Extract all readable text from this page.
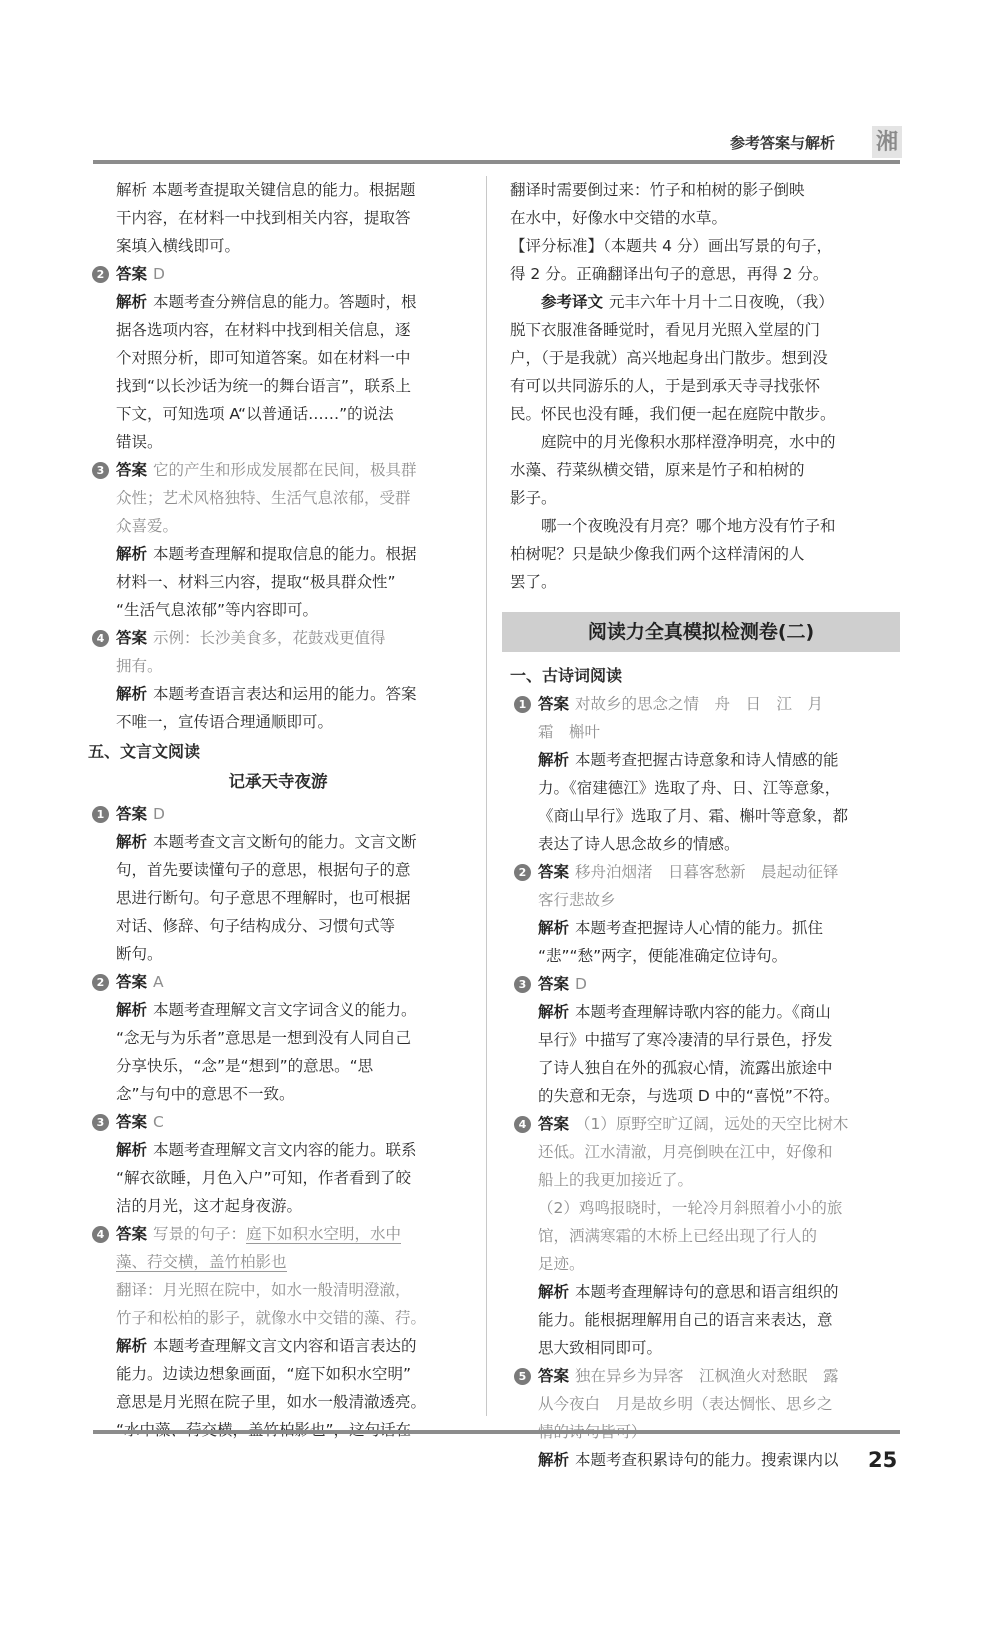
参考答案与解析 湘
解析 本题考查提取关键信息的能力。根据题
干内容，在材料一中找到相关内容，提取答
案填入横线即可。
2 答案 D
解析 本题考查分辨信息的能力。答题时，根
据各选项内容，在材料中找到相关信息，逐
个对照分析，即可知道答案。如在材料一中
找到“以长沙话为统一的舞台语言”，联系上
下文，可知选项 A“以普通话……”的说法
错误。
3 答案 它的产生和形成发展都在民间，极具群
众性；艺术风格独特、生活气息浓郁，受群
众喜爱。
解析 本题考查理解和提取信息的能力。根据
材料一、材料三内容，提取“极具群众性”
“生活气息浓郁”等内容即可。
4 答案 示例：长沙美食多，花鼓戏更值得
拥有。
解析 本题考查语言表达和运用的能力。答案
不唯一，宣传语合理通顺即可。
五、文言文阅读
记承天寺夜游
1 答案 D
解析 本题考查文言文断句的能力。文言文断
句，首先要读懂句子的意思，根据句子的意
思进行断句。句子意思不理解时，也可根据
对话、修辞、句子结构成分、习惯句式等
断句。
2 答案 A
解析 本题考查理解文言文字词含义的能力。
“念无与为乐者”意思是一想到没有人同自己
分享快乐，“念”是“想到”的意思。“思
念”与句中的意思不一致。
3 答案 C
解析 本题考查理解文言文内容的能力。联系
“解衣欲睡，月色入户”可知，作者看到了皎
洁的月光，这才起身夜游。
4 答案 写景的句子：庭下如积水空明，水中
藻、荇交横，盖竹柏影也
翻译：月光照在院中，如水一般清明澄澈，
竹子和松柏的影子，就像水中交错的藻、荇。
解析 本题考查理解文言文内容和语言表达的
能力。边读边想象画面，“庭下如积水空明”
意思是月光照在院子里，如水一般清澈透亮。
翻译时需要倒过来：竹子和柏树的影子倒映
在水中，好像水中交错的水草。
【评分标准】（本题共 4 分）画出写景的句子，
得 2 分。正确翻译出句子的意思，再得 2 分。
参考译文 元丰六年十月十二日夜晚，（我）
脱下衣服准备睡觉时，看见月光照入堂屋的门
户，（于是我就）高兴地起身出门散步。想到没
有可以共同游乐的人，于是到承天寺寻找张怀
民。怀民也没有睡，我们便一起在庭院中散步。
庭院中的月光像积水那样澄净明亮，水中的
水藻、荇菜纵横交错，原来是竹子和柏树的
影子。
哪一个夜晚没有月亮？哪个地方没有竹子和
柏树呢？只是缺少像我们两个这样清闲的人
罢了。
阅读力全真模拟检测卷(二)
一、古诗词阅读
1 答案 对故乡的思念之情　舟　日　江　月
霜　槲叶
解析 本题考查把握古诗意象和诗人情感的能
力。《宿建德江》选取了舟、日、江等意象，
《商山早行》选取了月、霜、槲叶等意象，都
表达了诗人思念故乡的情感。
2 答案 移舟泊烟渚　日暮客愁新　晨起动征铎
客行悲故乡
解析 本题考查把握诗人心情的能力。抓住
“悲”“愁”两字，便能准确定位诗句。
3 答案 D
解析 本题考查理解诗歌内容的能力。《商山
早行》中描写了寒冷凄清的早行景色，抒发
了诗人独自在外的孤寂心情，流露出旅途中
的失意和无奈，与选项 D 中的“喜悦”不符。
4 答案 （1）原野空旷辽阔，远处的天空比树木
还低。江水清澈，月亮倒映在江中，好像和
船上的我更加接近了。
（2）鸡鸣报晓时，一轮冷月斜照着小小的旅
馆，洒满寒霜的木桥上已经出现了行人的
足迹。
解析 本题考查理解诗句的意思和语言组织的
能力。能根据理解用自己的语言来表达，意
思大致相同即可。
5 答案 独在异乡为异客　江枫渔火对愁眠　露
从今夜白　月是故乡明（表达惆怅、思乡之
解析 本题考查积累诗句的能力。搜索课内以	25
